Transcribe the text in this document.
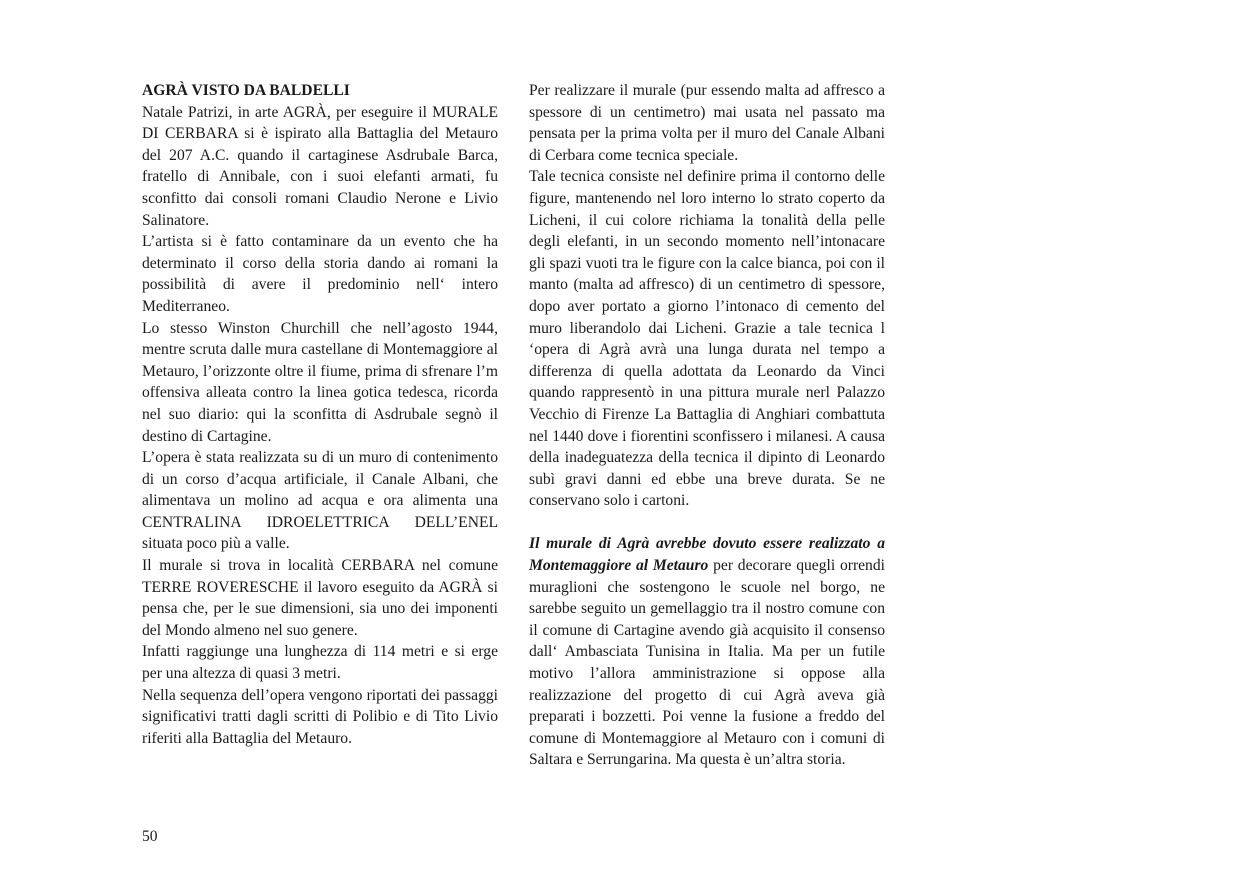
AGRÀ VISTO DA BALDELLI

Natale Patrizi, in arte AGRÀ, per eseguire il MURALE DI CERBARA si è ispirato alla Battaglia del Metauro del 207 A.C. quando il cartaginese Asdrubale Barca, fratello di Annibale, con i suoi elefanti armati, fu sconfitto dai consoli romani Claudio Nerone e Livio Salinatore.

L’artista si è fatto contaminare da un evento che ha determinato il corso della storia dando ai romani la possibilità di avere il predominio nell‘ intero Mediterraneo.

Lo stesso Winston Churchill che nell’agosto 1944, mentre scruta dalle mura castellane di Montemaggiore al Metauro, l’orizzonte oltre il fiume, prima di sfrenare l’m offensiva alleata contro la linea gotica tedesca, ricorda nel suo diario: qui la sconfitta di Asdrubale segnò il destino di Cartagine.

L’opera è stata realizzata su di un muro di contenimento di un corso d’acqua artificiale, il Canale Albani, che alimentava un molino ad acqua e ora alimenta una CENTRALINA IDROELETTRICA DELL’ENEL situata poco più a valle.

Il murale si trova in località CERBARA nel comune TERRE ROVERESCHE il lavoro eseguito da AGRÀ si pensa che, per le sue dimensioni, sia uno dei imponenti del Mondo almeno nel suo genere.

Infatti raggiunge una lunghezza di 114 metri e si erge per una altezza di quasi 3 metri.

Nella sequenza dell’opera vengono riportati dei passaggi significativi tratti dagli scritti di Polibio e di Tito Livio riferiti alla Battaglia del Metauro.

Per realizzare il murale (pur essendo malta ad affresco a spessore di un centimetro) mai usata nel passato ma pensata per la prima volta per il muro del Canale Albani di Cerbara come tecnica speciale.

Tale tecnica consiste nel definire prima il contorno delle figure, mantenendo nel loro interno lo strato coperto da Licheni, il cui colore richiama la tonalità della pelle degli elefanti, in un secondo momento nell’intonacare gli spazi vuoti tra le figure con la calce bianca, poi con il manto (malta ad affresco) di un centimetro di spessore, dopo aver portato a giorno l’intonaco di cemento del muro liberandolo dai Licheni. Grazie a tale tecnica l ‘opera di Agrà avrà una lunga durata nel tempo a differenza di quella adottata da Leonardo da Vinci quando rappresentò in una pittura murale nerl Palazzo Vecchio di Firenze La Battaglia di Anghiari combattuta nel 1440 dove i fiorentini sconfissero i milanesi. A causa della inadeguatezza della tecnica il dipinto di Leonardo subì gravi danni ed ebbe una breve durata. Se ne conservano solo i cartoni.

Il murale di Agrà avrebbe dovuto essere realizzato a Montemaggiore al Metauro per decorare quegli orrendi muraglioni che sostengono le scuole nel borgo, ne sarebbe seguito un gemellaggio tra il nostro comune con il comune di Cartagine avendo già acquisito il consenso dall‘ Ambasciata Tunisina in Italia. Ma per un futile motivo l’allora amministrazione si oppose alla realizzazione del progetto di cui Agrà aveva già preparati i bozzetti. Poi venne la fusione a freddo del comune di Montemaggiore al Metauro con i comuni di Saltara e Serrungarina. Ma questa è un’altra storia.

50
